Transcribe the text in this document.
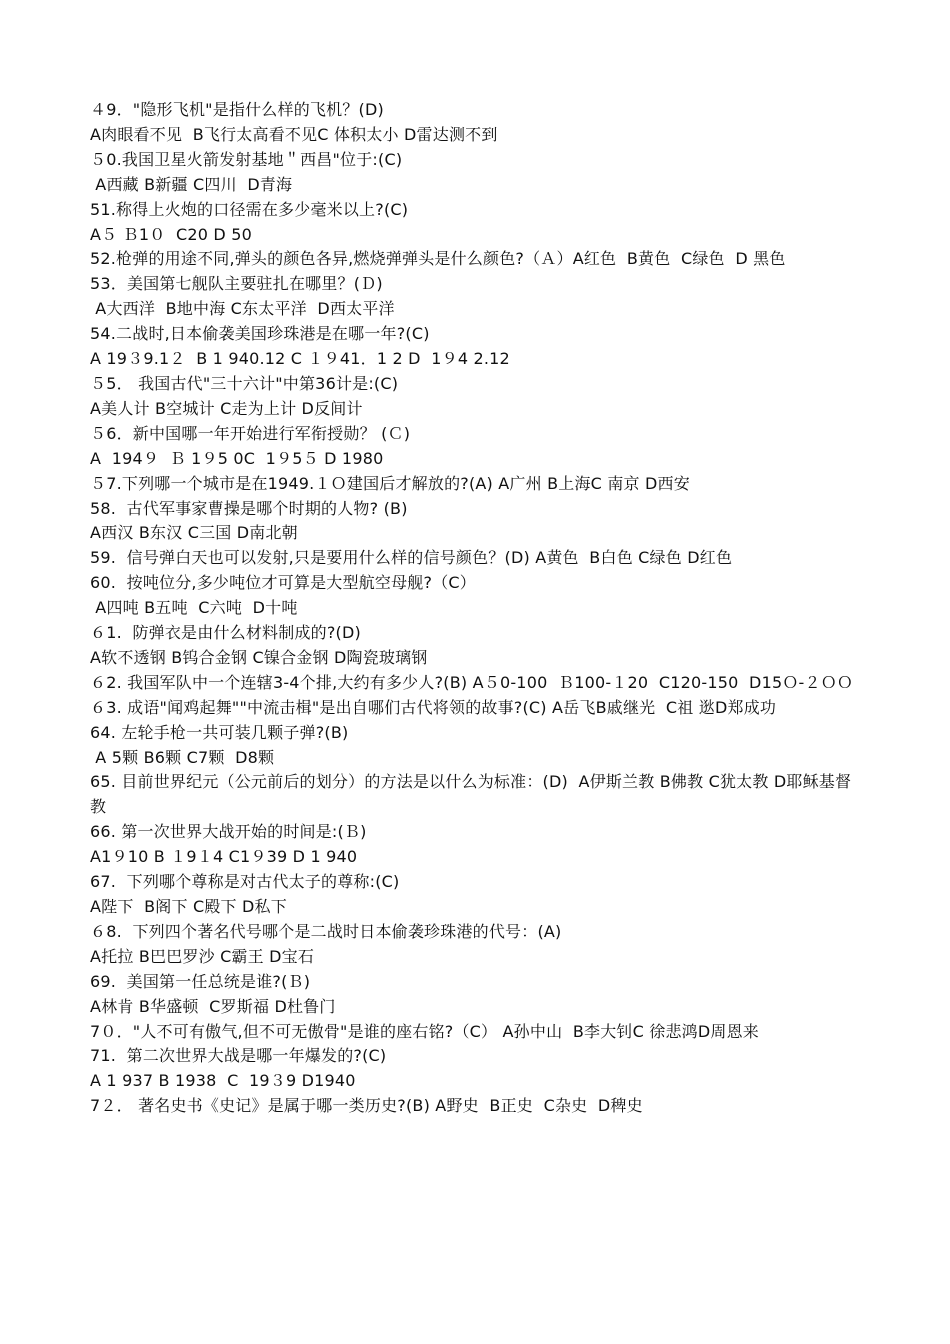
４9．"隐形飞机"是指什么样的飞机？(D)

A肉眼看不见  B飞行太高看不见C 体积太小 D雷达测不到

５0.我国卫星火箭发射基地＂西昌"位于:(C)

A西藏 B新疆 C四川  D青海

51.称得上火炮的口径需在多少毫米以上?(C)

A５ Ｂ1０  C20 D 50

52.枪弹的用途不同,弹头的颜色各异,燃烧弹弹头是什么颜色?（Ａ）A红色  B黄色  C绿色  D 黑色

53．美国第七舰队主要驻扎在哪里？(Ｄ)

A大西洋  B地中海 C东太平洋  D西太平洋

54.二战时,日本偷袭美国珍珠港是在哪一年?(C)

A 19３9.1２  B 1 940.12 C １９41．1 2 D  1９4 2.12

５5． 我国古代"三十六计"中第36计是:(C)

A美人计 B空城计 C走为上计 D反间计

５6．新中国哪一年开始进行军衔授勋？ (Ｃ)

A  194９  Ｂ 1９5 0C  1９5５ D 1980

５7.下列哪一个城市是在1949.１Ｏ建国后才解放的?(A) A广州 B上海C 南京 D西安

58.  古代军事家曹操是哪个时期的人物? (B)

A西汉 B东汉 C三国 D南北朝

59.  信号弹白天也可以发射,只是要用什么样的信号颜色？(D) A黄色  B白色 C绿色 D红色

60.  按吨位分,多少吨位才可算是大型航空母舰?（C）

A四吨 B五吨  C六吨  D十吨

６1.  防弹衣是由什么材料制成的?(D)

A软不透钢 B钨合金钢 C镍合金钢 D陶瓷玻璃钢

６2. 我国军队中一个连辖3-4个排,大约有多少人?(B) A５0-100  Ｂ100-１20  C120-150  D15Ｏ-２ＯＯ

６3. 成语"闻鸡起舞""中流击楫"是出自哪们古代将领的故事?(C) A岳飞B戚继光  C祖 逖D郑成功

64. 左轮手枪一共可装几颗子弹?(B)

A 5颗 B6颗 C7颗  D8颗

65. 目前世界纪元（公元前后的划分）的方法是以什么为标准：(D)  A伊斯兰教 B佛教 C犹太教 D耶稣基督教

66. 第一次世界大战开始的时间是:(Ｂ)

A1９10 B １9１4 C1９39 D 1 940

67.  下列哪个尊称是对古代太子的尊称:(C)

A陛下  B阁下 C殿下 D私下

６8.  下列四个著名代号哪个是二战时日本偷袭珍珠港的代号：(A)

A托拉 B巴巴罗沙 C霸王 D宝石

69.  美国第一任总统是谁?(Ｂ)

A林肯 B华盛顿  C罗斯福 D杜鲁门

7０．"人不可有傲气,但不可无傲骨"是谁的座右铭?（C） A孙中山  B李大钊C 徐悲鸿D周恩来

71.  第二次世界大战是哪一年爆发的?(C)

A 1 937 B 1938  C  19３9 D1940

7２． 著名史书《史记》是属于哪一类历史?(B) A野史  B正史  C杂史  D稗史
